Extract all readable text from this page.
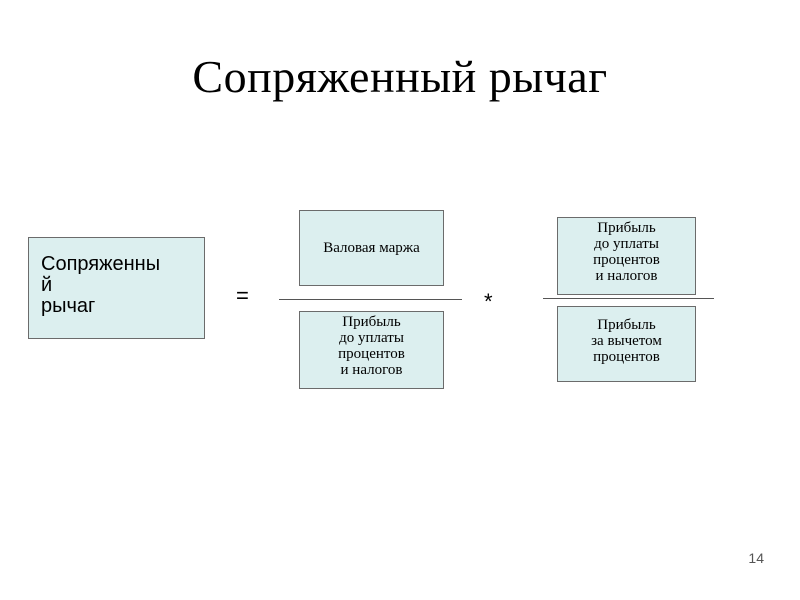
Сопряженный рычаг
Сопряженны
й
рычаг	=
Валовая маржа
Прибыль
до уплаты
процентов
и налогов
*
Прибыль
до уплаты
процентов
и налогов
Прибыль
за вычетом
процентов
14
